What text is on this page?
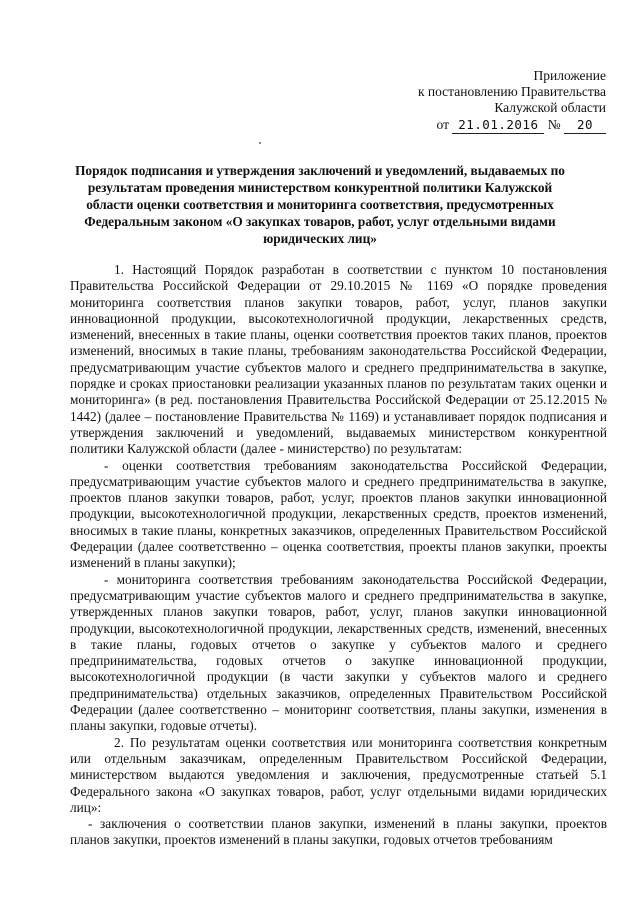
Приложение
к постановлению Правительства
Калужской области
от 21.01.2016 № 20
Порядок подписания и утверждения заключений и уведомлений, выдаваемых по результатам проведения министерством конкурентной политики Калужской области оценки соответствия и мониторинга соответствия, предусмотренных Федеральным законом «О закупках товаров, работ, услуг отдельными видами юридических лиц»

1. Настоящий Порядок разработан в соответствии с пунктом 10 постановления Правительства Российской Федерации от 29.10.2015 № 1169 «О порядке проведения мониторинга соответствия планов закупки товаров, работ, услуг, планов закупки инновационной продукции, высокотехнологичной продукции, лекарственных средств, изменений, внесенных в такие планы, оценки соответствия проектов таких планов, проектов изменений, вносимых в такие планы, требованиям законодательства Российской Федерации, предусматривающим участие субъектов малого и среднего предпринимательства в закупке, порядке и сроках приостановки реализации указанных планов по результатам таких оценки и мониторинга» (в ред. постановления Правительства Российской Федерации от 25.12.2015 № 1442) (далее – постановление Правительства № 1169) и устанавливает порядок подписания и утверждения заключений и уведомлений, выдаваемых министерством конкурентной политики Калужской области (далее - министерство) по результатам:

- оценки соответствия требованиям законодательства Российской Федерации, предусматривающим участие субъектов малого и среднего предпринимательства в закупке, проектов планов закупки товаров, работ, услуг, проектов планов закупки инновационной продукции, высокотехнологичной продукции, лекарственных средств, проектов изменений, вносимых в такие планы, конкретных заказчиков, определенных Правительством Российской Федерации (далее соответственно – оценка соответствия, проекты планов закупки, проекты изменений в планы закупки);

- мониторинга соответствия требованиям законодательства Российской Федерации, предусматривающим участие субъектов малого и среднего предпринимательства в закупке, утвержденных планов закупки товаров, работ, услуг, планов закупки инновационной продукции, высокотехнологичной продукции, лекарственных средств, изменений, внесенных в такие планы, годовых отчетов о закупке у субъектов малого и среднего предпринимательства, годовых отчетов о закупке инновационной продукции, высокотехнологичной продукции (в части закупки у субъектов малого и среднего предпринимательства) отдельных заказчиков, определенных Правительством Российской Федерации (далее соответственно – мониторинг соответствия, планы закупки, изменения в планы закупки, годовые отчеты).

2. По результатам оценки соответствия или мониторинга соответствия конкретным или отдельным заказчикам, определенным Правительством Российской Федерации, министерством выдаются уведомления и заключения, предусмотренные статьей 5.1 Федерального закона «О закупках товаров, работ, услуг отдельными видами юридических лиц»:

- заключения о соответствии планов закупки, изменений в планы закупки, проектов планов закупки, проектов изменений в планы закупки, годовых отчетов требованиям
